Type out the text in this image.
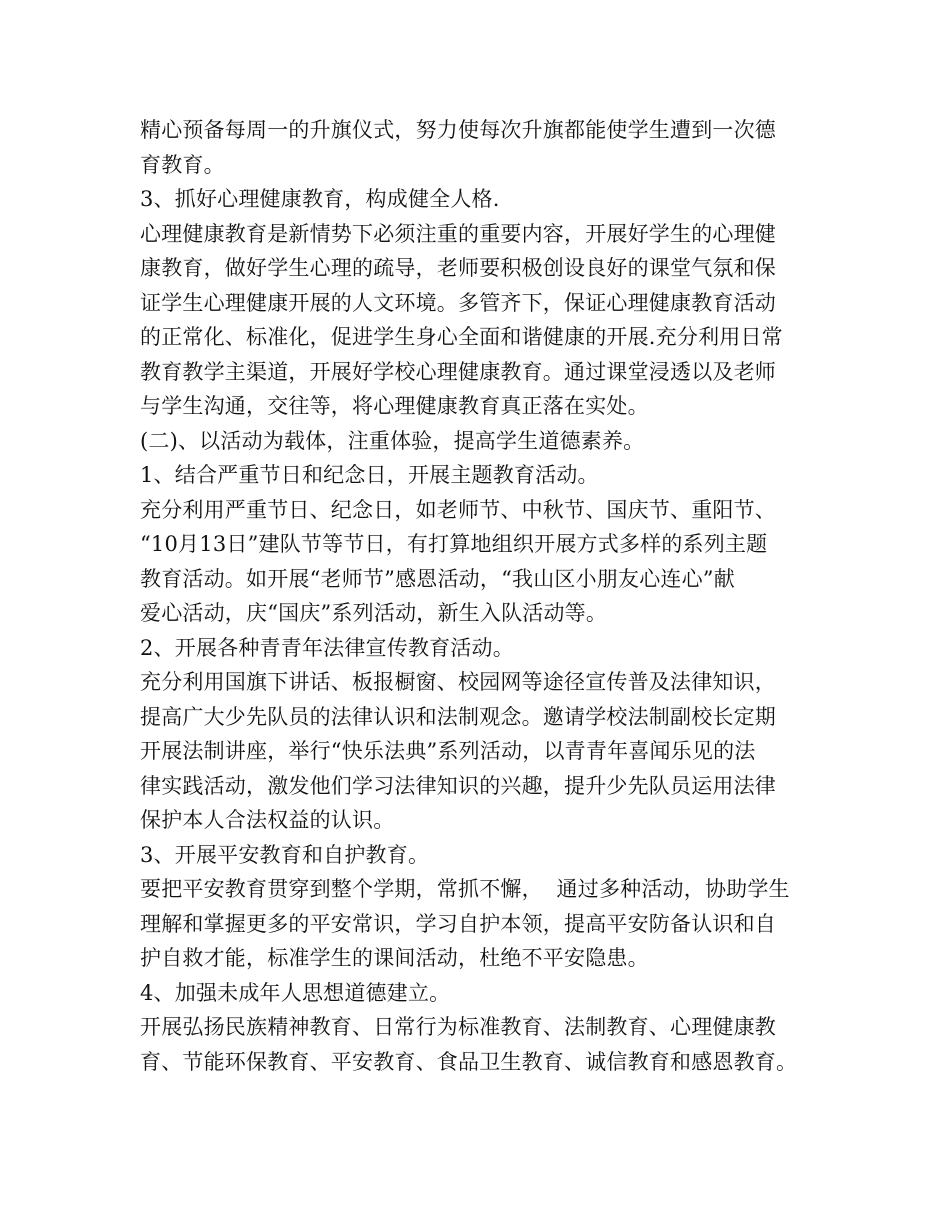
精心预备每周一的升旗仪式，努力使每次升旗都能使学生遭到一次德
育教育。
3、抓好心理健康教育，构成健全人格.
心理健康教育是新情势下必须注重的重要内容，开展好学生的心理健
康教育，做好学生心理的疏导，老师要积极创设良好的课堂气氛和保
证学生心理健康开展的人文环境。多管齐下，保证心理健康教育活动
的正常化、标准化，促进学生身心全面和谐健康的开展.充分利用日常
教育教学主渠道，开展好学校心理健康教育。通过课堂浸透以及老师
与学生沟通，交往等，将心理健康教育真正落在实处。
(二)、以活动为载体，注重体验，提高学生道德素养。
1、结合严重节日和纪念日，开展主题教育活动。
充分利用严重节日、纪念日，如老师节、中秋节、国庆节、重阳节、
“10月13日”建队节等节日，有打算地组织开展方式多样的系列主题
教育活动。如开展“老师节”感恩活动，“我山区小朋友心连心”献
爱心活动，庆“国庆”系列活动，新生入队活动等。
2、开展各种青青年法律宣传教育活动。
充分利用国旗下讲话、板报橱窗、校园网等途径宣传普及法律知识，
提高广大少先队员的法律认识和法制观念。邀请学校法制副校长定期
开展法制讲座，举行“快乐法典”系列活动，以青青年喜闻乐见的法
律实践活动，激发他们学习法律知识的兴趣，提升少先队员运用法律
保护本人合法权益的认识。
3、开展平安教育和自护教育。
要把平安教育贯穿到整个学期，常抓不懈，  通过多种活动，协助学生
理解和掌握更多的平安常识，学习自护本领，提高平安防备认识和自
护自救才能，标准学生的课间活动，杜绝不平安隐患。
4、加强未成年人思想道德建立。
开展弘扬民族精神教育、日常行为标准教育、法制教育、心理健康教
育、节能环保教育、平安教育、食品卫生教育、诚信教育和感恩教育。
